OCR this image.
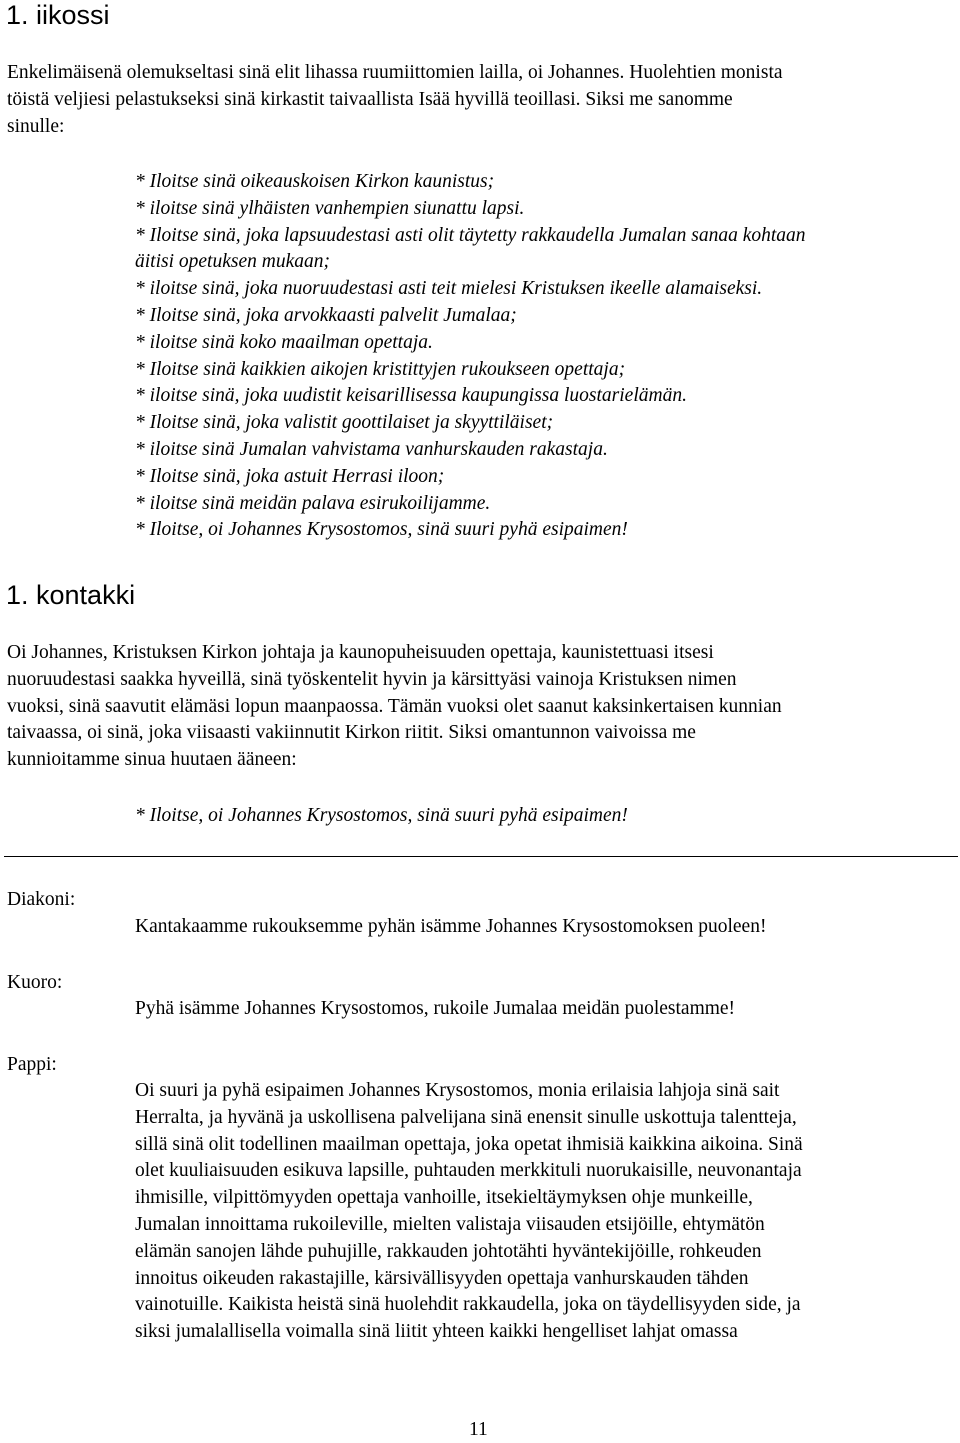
1. iikossi
Enkelimäisenä olemukseltasi sinä elit lihassa ruumiittomien lailla, oi Johannes. Huolehtien monista
töistä veljiesi pelastukseksi sinä kirkastit taivaallista Isää hyvillä teoillasi. Siksi me sanomme
sinulle:
* Iloitse sinä oikeauskoisen Kirkon kaunistus;
* iloitse sinä ylhäisten vanhempien siunattu lapsi.
* Iloitse sinä, joka lapsuudestasi asti olit täytetty rakkaudella Jumalan sanaa kohtaan
äitisi opetuksen mukaan;
* iloitse sinä, joka nuoruudestasi asti teit mielesi Kristuksen ikeelle alamaiseksi.
* Iloitse sinä, joka arvokkaasti palvelit Jumalaa;
* iloitse sinä koko maailman opettaja.
* Iloitse sinä kaikkien aikojen kristittyjen rukoukseen opettaja;
* iloitse sinä, joka uudistit keisarillisessa kaupungissa luostarielämän.
* Iloitse sinä, joka valistit goottilaiset ja skyyttiläiset;
* iloitse sinä Jumalan vahvistama vanhurskauden rakastaja.
* Iloitse sinä, joka astuit Herrasi iloon;
* iloitse sinä meidän palava esirukoilijamme.
* Iloitse, oi Johannes Krysostomos, sinä suuri pyhä esipaimen!
1. kontakki
Oi Johannes, Kristuksen Kirkon johtaja ja kaunopuheisuuden opettaja, kaunistettuasi itsesi
nuoruudestasi saakka hyveillä, sinä työskentelit hyvin ja kärsittyäsi vainoja Kristuksen nimen
vuoksi, sinä saavutit elämäsi lopun maanpaossa. Tämän vuoksi olet saanut kaksinkertaisen kunnian
taivaassa, oi sinä, joka viisaasti vakiinnutit Kirkon riitit. Siksi omantunnon vaivoissa me
kunnioitamme sinua huutaen ääneen:
* Iloitse, oi Johannes Krysostomos, sinä suuri pyhä esipaimen!
Diakoni:
Kantakaamme rukouksemme pyhän isämme Johannes Krysostomoksen puoleen!
Kuoro:
Pyhä isämme Johannes Krysostomos, rukoile Jumalaa meidän puolestamme!
Pappi:
Oi suuri ja pyhä esipaimen Johannes Krysostomos, monia erilaisia lahjoja sinä sait
Herralta, ja hyvänä ja uskollisena palvelijana sinä enensit sinulle uskottuja talentteja,
sillä sinä olit todellinen maailman opettaja, joka opetat ihmisiä kaikkina aikoina. Sinä
olet kuuliaisuuden esikuva lapsille, puhtauden merkkituli nuorukaisille, neuvonantaja
ihmisille, vilpittömyyden opettaja vanhoille, itsekieltäymyksen ohje munkeille,
Jumalan innoittama rukoileville, mielten valistaja viisauden etsijöille, ehtymätön
elämän sanojen lähde puhujille, rakkauden johtotähti hyväntekijöille, rohkeuden
innoitus oikeuden rakastajille, kärsivällisyyden opettaja vanhurskauden tähden
vainotuille. Kaikista heistä sinä huolehdit rakkaudella, joka on täydellisyyden side, ja
siksi jumalallisella voimalla sinä liitit yhteen kaikki hengelliset lahjat omassa
11
